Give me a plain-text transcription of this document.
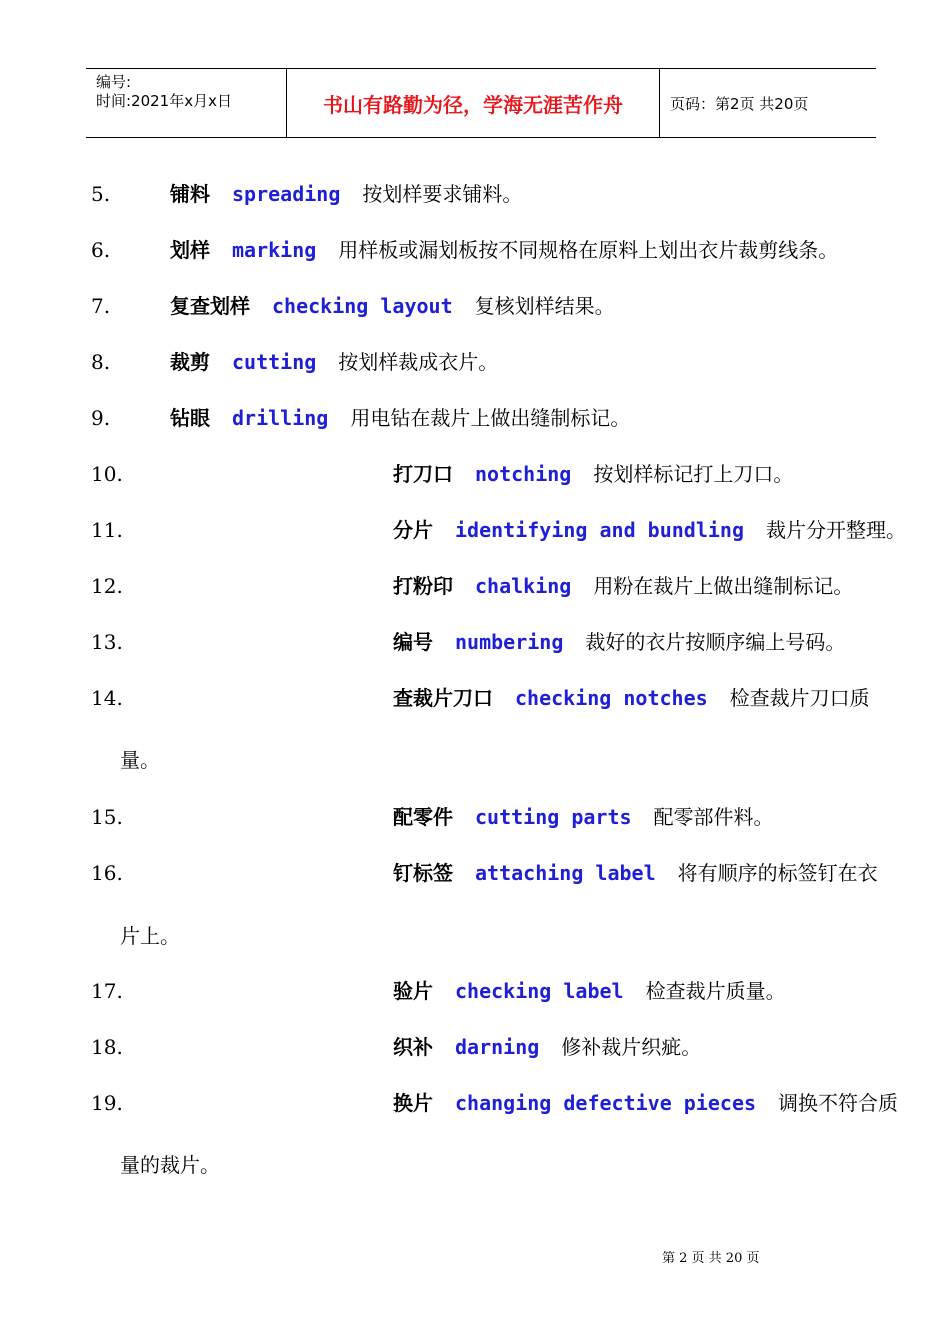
编号:
时间:2021年x月x日	书山有路勤为径，学海无涯苦作舟	页码：第2页 共20页
5.	铺料 spreading 按划样要求铺料。
6.	划样 marking 用样板或漏划板按不同规格在原料上划出衣片裁剪线条。
7.	复查划样 checking layout 复核划样结果。
8.	裁剪 cutting 按划样裁成衣片。
9.	钻眼 drilling 用电钻在裁片上做出缝制标记。
10.	打刀口 notching 按划样标记打上刀口。
11.	分片 identifying and bundling 裁片分开整理。
12.	打粉印 chalking 用粉在裁片上做出缝制标记。
13.	编号 numbering 裁好的衣片按顺序编上号码。
14.	查裁片刀口 checking notches 检查裁片刀口质
量。
15.	配零件 cutting parts 配零部件料。
16.	钉标签 attaching label 将有顺序的标签钉在衣
片上。
17.	验片 checking label 检查裁片质量。
18.	织补 darning 修补裁片织疵。
19.	换片 changing defective pieces 调换不符合质
量的裁片。
第 2 页 共 20 页
